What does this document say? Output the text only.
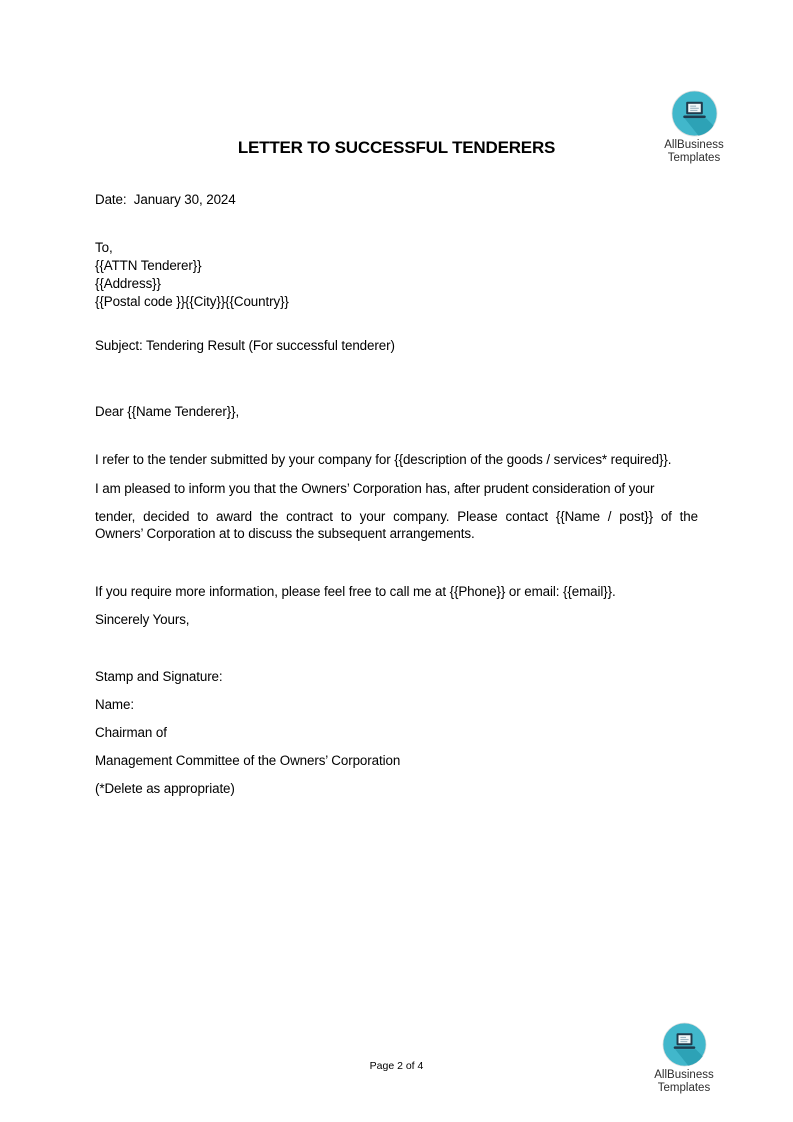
LETTER TO SUCCESSFUL TENDERERS	AllBusiness
Templates
Date:  January 30, 2024
To,
{{ATTN Tenderer}}
{{Address}}
{{Postal code }}{{City}}{{Country}}
Subject: Tendering Result (For successful tenderer)
Dear {{Name Tenderer}},
I refer to the tender submitted by your company for {{description of the goods / services* required}}.
I am pleased to inform you that the Owners’ Corporation has, after prudent consideration of your
tender, decided to award the contract to your company. Please contact {{Name / post}} of the
Owners’ Corporation at to discuss the subsequent arrangements.
If you require more information, please feel free to call me at {{Phone}} or email: {{email}}.
Sincerely Yours,
Stamp and Signature:
Name:
Chairman of
Management Committee of the Owners’ Corporation
(*Delete as appropriate)
Page 2 of 4
AllBusiness
Templates
